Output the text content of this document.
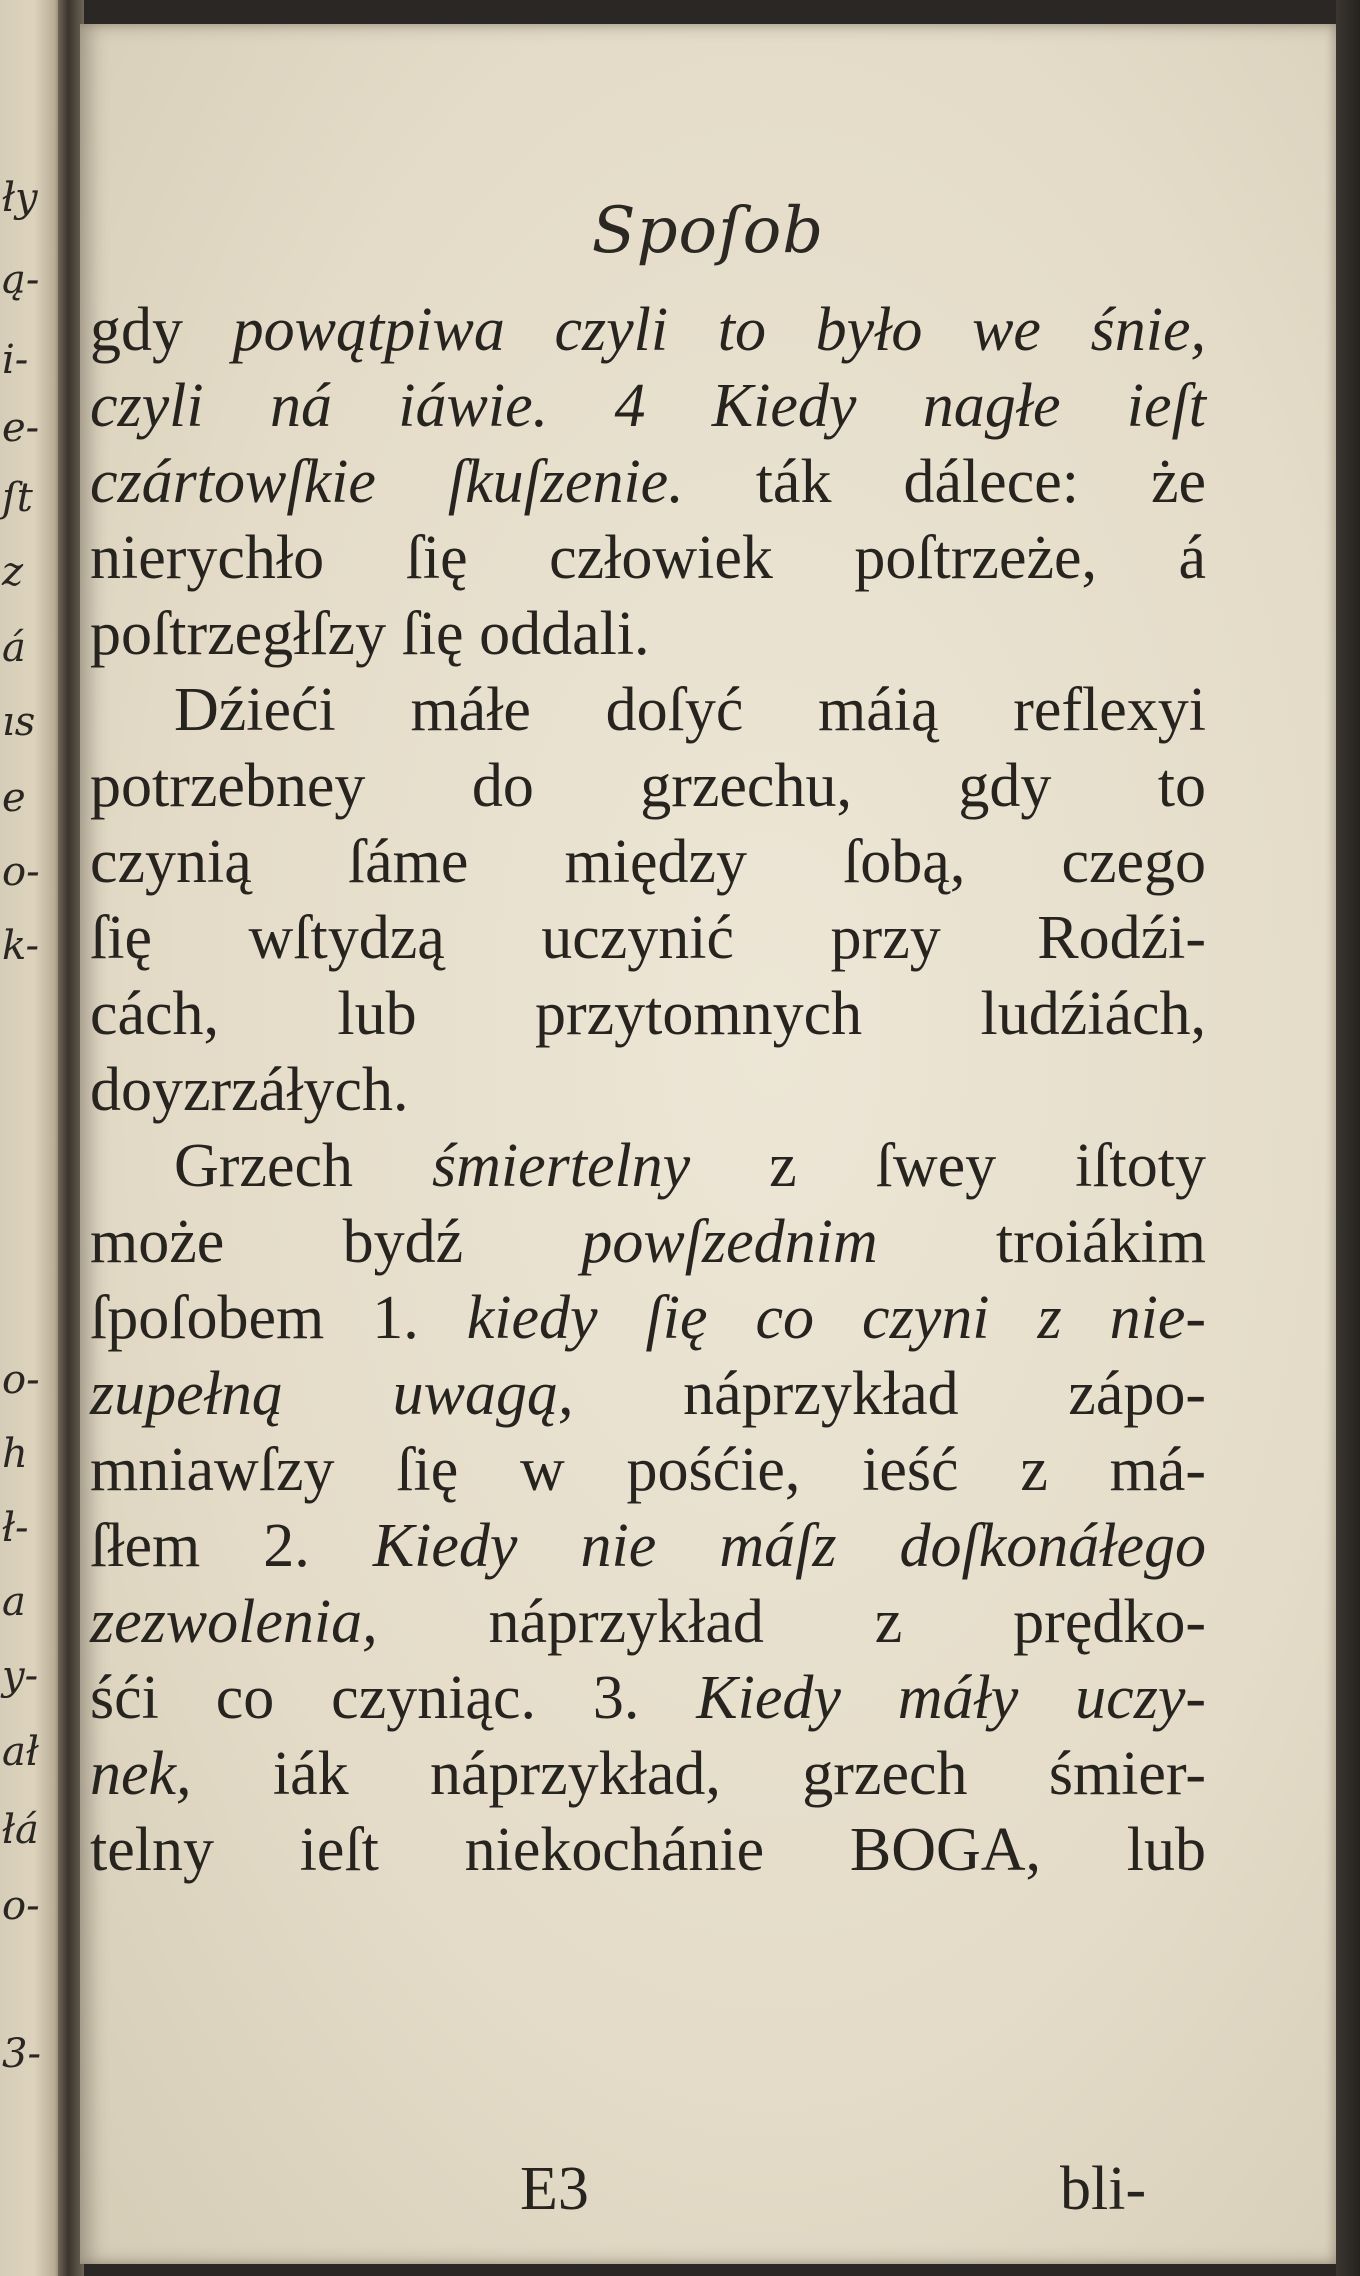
ły
ą-
i-
e-
ſt
z
á
ıs
e
o-
k-
o-
h
ł-
a
y-
ał
łá
o-
3-
Spoſob
gdy powątpiwa czyli to było we śnie,
czyli ná iáwie. 4 Kiedy nagłe ieſt
czártowſkie ſkuſzenie. ták dálece: że
nierychło ſię człowiek poſtrzeże, á
poſtrzegłſzy ſię oddali.
Dźieći máłe doſyć máią reflexyi
potrzebney do grzechu, gdy to
czynią ſáme między ſobą, czego
ſię wſtydzą uczynić przy Rodźi-
cách, lub przytomnych ludźiách,
doyzrzáłych.
Grzech śmiertelny z ſwey iſtoty
może bydź powſzednim troiákim
ſpoſobem 1. kiedy ſię co czyni z nie-
zupełną uwagą, náprzykład zápo-
mniawſzy ſię w pośćie, ieść z má-
ſłem 2. Kiedy nie máſz doſkonáłego
zezwolenia, náprzykład z prędko-
śći co czyniąc. 3. Kiedy máły uczy-
nek, iák náprzykład, grzech śmier-
telny ieſt niekochánie BOGA, lub
E3	bli-
